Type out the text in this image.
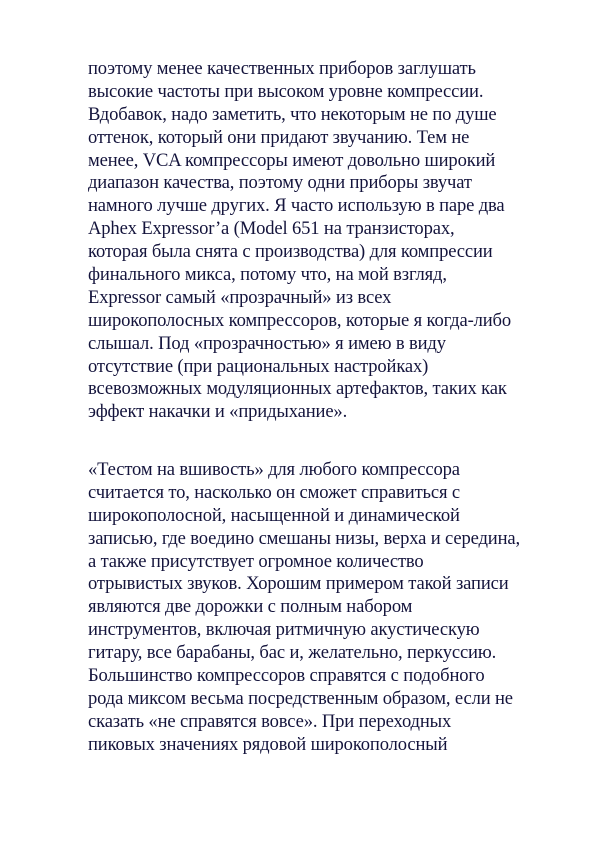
поэтому менее качественных приборов заглушать
высокие частоты при высоком уровне компрессии.
Вдобавок, надо заметить, что некоторым не по душе
оттенок, который они придают звучанию. Тем не
менее, VCA компрессоры имеют довольно широкий
диапазон качества, поэтому одни приборы звучат
намного лучше других. Я часто использую в паре два
Aphex Expressor’a (Model 651 на транзисторах,
которая была снята с производства) для компрессии
финального микса, потому что, на мой взгляд,
Expressor самый «прозрачный» из всех
широкополосных компрессоров, которые я когда-либо
слышал. Под «прозрачностью» я имею в виду
отсутствие (при рациональных настройках)
всевозможных модуляционных артефактов, таких как
эффект накачки и «придыхание».
«Тестом на вшивость» для любого компрессора
считается то, насколько он сможет справиться с
широкополосной, насыщенной и динамической
записью, где воедино смешаны низы, верха и середина,
а также присутствует огромное количество
отрывистых звуков. Хорошим примером такой записи
являются две дорожки с полным набором
инструментов, включая ритмичную акустическую
гитару, все барабаны, бас и, желательно, перкуссию.
Большинство компрессоров справятся с подобного
рода миксом весьма посредственным образом, если не
сказать «не справятся вовсе». При переходных
пиковых значениях рядовой широкополосный
